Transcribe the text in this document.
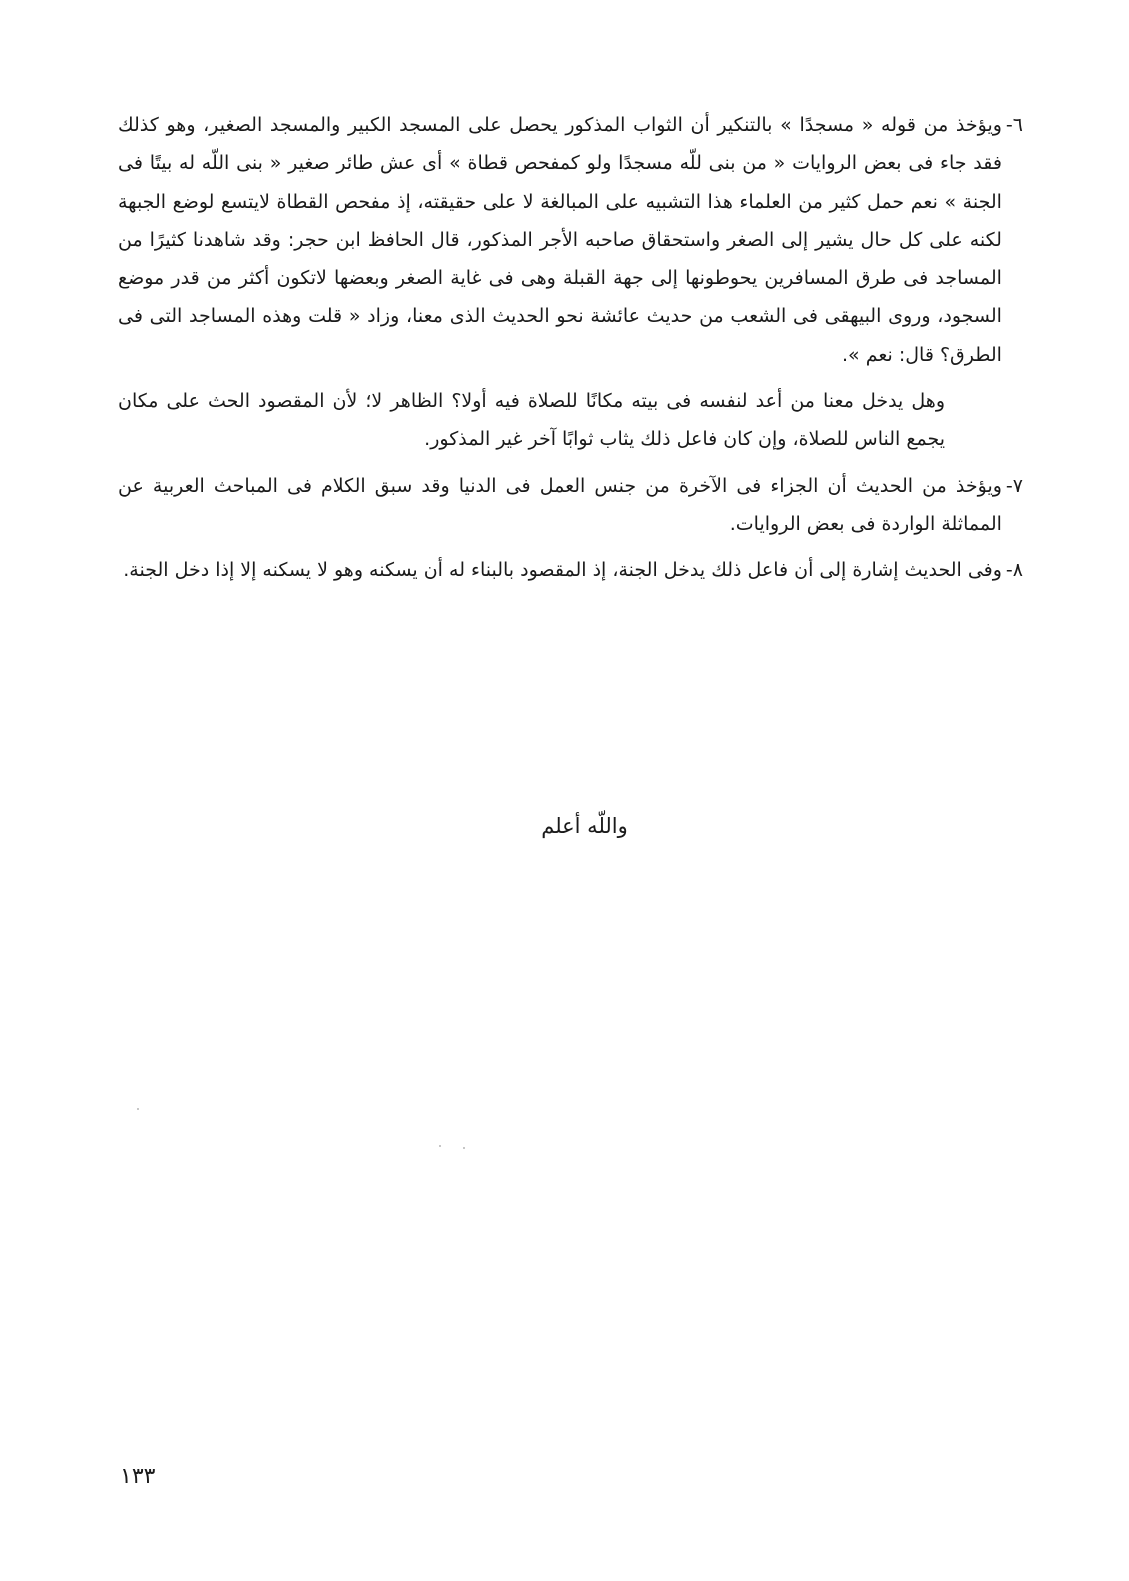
٦-
ويؤخذ من قوله « مسجدًا » بالتنكير أن الثواب المذكور يحصل على المسجد الكبير والمسجد الصغير، وهو كذلك فقد جاء فى بعض الروايات « من بنى للّه مسجدًا ولو كمفحص قطاة » أى عش طائر صغير « بنى اللّه له بيتًا فى الجنة » نعم حمل كثير من العلماء هذا التشبيه على المبالغة لا على حقيقته، إذ مفحص القطاة لايتسع لوضع الجبهة لكنه على كل حال يشير إلى الصغر واستحقاق صاحبه الأجر المذكور، قال الحافظ ابن حجر: وقد شاهدنا كثيرًا من المساجد فى طرق المسافرين يحوطونها إلى جهة القبلة وهى فى غاية الصغر وبعضها لاتكون أكثر من قدر موضع السجود، وروى البيهقى فى الشعب من حديث عائشة نحو الحديث الذى معنا، وزاد « قلت وهذه المساجد التى فى الطرق؟ قال: نعم ».

وهل يدخل معنا من أعد لنفسه فى بيته مكانًا للصلاة فيه أولا؟ الظاهر لا؛ لأن المقصود الحث على مكان يجمع الناس للصلاة، وإن كان فاعل ذلك يثاب ثوابًا آخر غير المذكور.

٧-
ويؤخذ من الحديث أن الجزاء فى الآخرة من جنس العمل فى الدنيا وقد سبق الكلام فى المباحث العربية عن المماثلة الواردة فى بعض الروايات.
٨-
وفى الحديث إشارة إلى أن فاعل ذلك يدخل الجنة، إذ المقصود بالبناء له أن يسكنه وهو لا يسكنه إلا إذا دخل الجنة.
واللّه أعلم
١٣٣
